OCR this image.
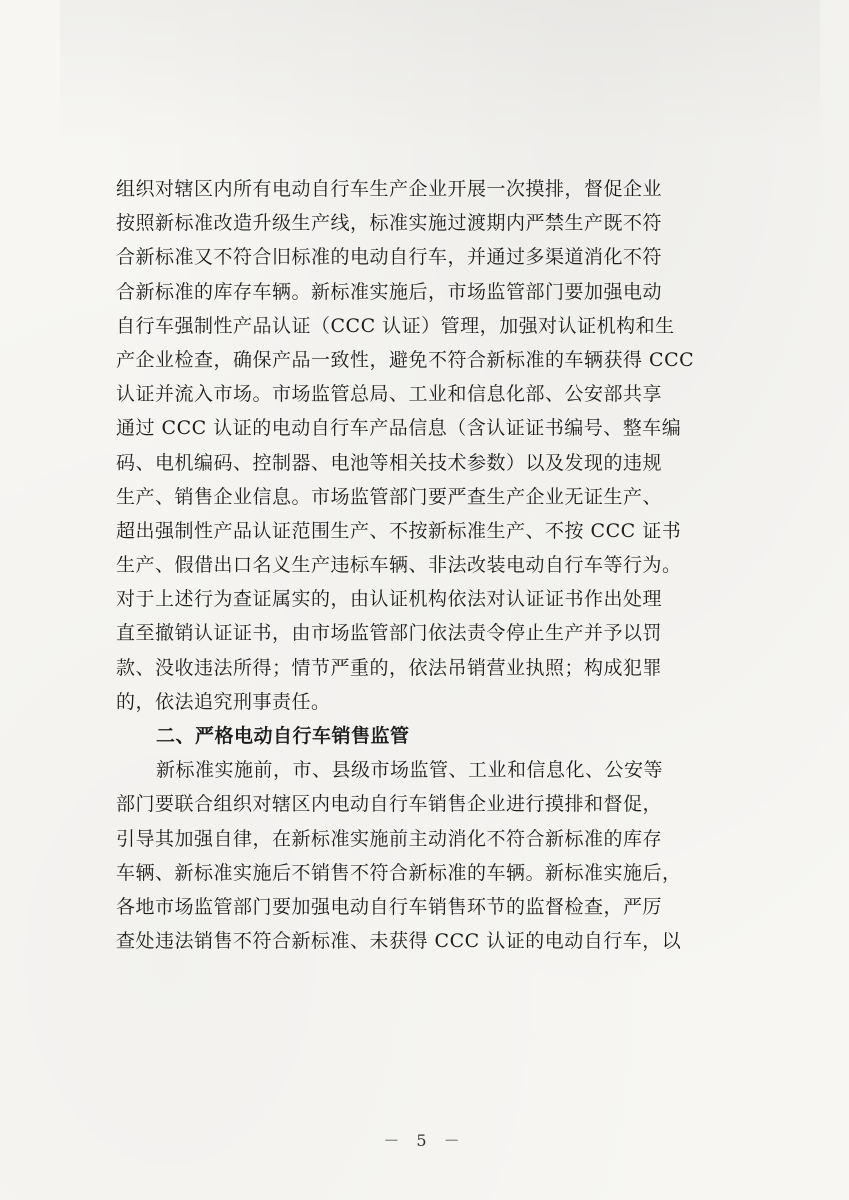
组织对辖区内所有电动自行车生产企业开展一次摸排，督促企业
按照新标准改造升级生产线，标准实施过渡期内严禁生产既不符
合新标准又不符合旧标准的电动自行车，并通过多渠道消化不符
合新标准的库存车辆。新标准实施后，市场监管部门要加强电动
自行车强制性产品认证（CCC 认证）管理，加强对认证机构和生
产企业检查，确保产品一致性，避免不符合新标准的车辆获得 CCC
认证并流入市场。市场监管总局、工业和信息化部、公安部共享
通过 CCC 认证的电动自行车产品信息（含认证证书编号、整车编
码、电机编码、控制器、电池等相关技术参数）以及发现的违规
生产、销售企业信息。市场监管部门要严查生产企业无证生产、
超出强制性产品认证范围生产、不按新标准生产、不按 CCC 证书
生产、假借出口名义生产违标车辆、非法改装电动自行车等行为。
对于上述行为查证属实的，由认证机构依法对认证证书作出处理
直至撤销认证证书，由市场监管部门依法责令停止生产并予以罚
款、没收违法所得；情节严重的，依法吊销营业执照；构成犯罪
的，依法追究刑事责任。
二、严格电动自行车销售监管
新标准实施前，市、县级市场监管、工业和信息化、公安等
部门要联合组织对辖区内电动自行车销售企业进行摸排和督促，
引导其加强自律，在新标准实施前主动消化不符合新标准的库存
车辆、新标准实施后不销售不符合新标准的车辆。新标准实施后，
各地市场监管部门要加强电动自行车销售环节的监督检查，严厉
查处违法销售不符合新标准、未获得 CCC 认证的电动自行车，以
－ 5 －
